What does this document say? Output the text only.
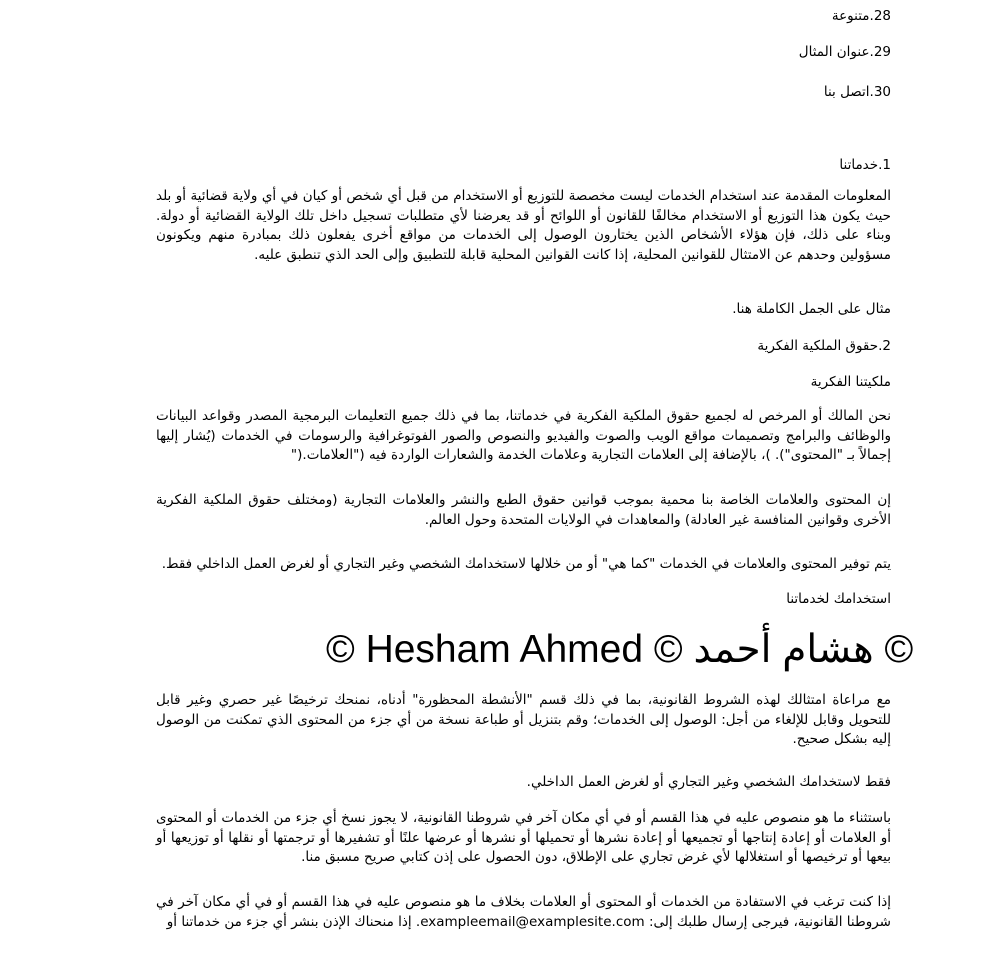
28.متنوعة
29.عنوان المثال
30.اتصل بنا
1.خدماتنا
المعلومات المقدمة عند استخدام الخدمات ليست مخصصة للتوزيع أو الاستخدام من قبل أي شخص أو كيان في أي ولاية قضائية أو بلد حيث يكون هذا التوزيع أو الاستخدام مخالفًا للقانون أو اللوائح أو قد يعرضنا لأي متطلبات تسجيل داخل تلك الولاية القضائية أو دولة. وبناء على ذلك، فإن هؤلاء الأشخاص الذين يختارون الوصول إلى الخدمات من مواقع أخرى يفعلون ذلك بمبادرة منهم ويكونون مسؤولين وحدهم عن الامتثال للقوانين المحلية، إذا كانت القوانين المحلية قابلة للتطبيق وإلى الحد الذي تنطبق عليه.
مثال على الجمل الكاملة هنا.
2.حقوق الملكية الفكرية
ملكيتنا الفكرية
نحن المالك أو المرخص له لجميع حقوق الملكية الفكرية في خدماتنا، بما في ذلك جميع التعليمات البرمجية المصدر وقواعد البيانات والوظائف والبرامج وتصميمات مواقع الويب والصوت والفيديو والنصوص والصور الفوتوغرافية والرسومات في الخدمات (يُشار إليها إجمالاً بـ "المحتوى"). )، بالإضافة إلى العلامات التجارية وعلامات الخدمة والشعارات الواردة فيه ("العلامات.("
إن المحتوى والعلامات الخاصة بنا محمية بموجب قوانين حقوق الطبع والنشر والعلامات التجارية (ومختلف حقوق الملكية الفكرية الأخرى وقوانين المنافسة غير العادلة) والمعاهدات في الولايات المتحدة وحول العالم.
يتم توفير المحتوى والعلامات في الخدمات "كما هي" أو من خلالها لاستخدامك الشخصي وغير التجاري أو لغرض العمل الداخلي فقط.
استخدامك لخدماتنا
© Hesham Ahmed © هشام أحمد ©
مع مراعاة امتثالك لهذه الشروط القانونية، بما في ذلك قسم "الأنشطة المحظورة" أدناه، نمنحك ترخيصًا غير حصري وغير قابل للتحويل وقابل للإلغاء من أجل: الوصول إلى الخدمات؛ وقم بتنزيل أو طباعة نسخة من أي جزء من المحتوى الذي تمكنت من الوصول إليه بشكل صحيح.
فقط لاستخدامك الشخصي وغير التجاري أو لغرض العمل الداخلي.
باستثناء ما هو منصوص عليه في هذا القسم أو في أي مكان آخر في شروطنا القانونية، لا يجوز نسخ أي جزء من الخدمات أو المحتوى أو العلامات أو إعادة إنتاجها أو تجميعها أو إعادة نشرها أو تحميلها أو نشرها أو عرضها علنًا أو تشفيرها أو ترجمتها أو نقلها أو توزيعها أو بيعها أو ترخيصها أو استغلالها لأي غرض تجاري على الإطلاق، دون الحصول على إذن كتابي صريح مسبق منا.
إذا كنت ترغب في الاستفادة من الخدمات أو المحتوى أو العلامات بخلاف ما هو منصوص عليه في هذا القسم أو في أي مكان آخر في شروطنا القانونية، فيرجى إرسال طلبك إلى: exampleemail@examplesite.com. إذا منحناك الإذن بنشر أي جزء من خدماتنا أو
